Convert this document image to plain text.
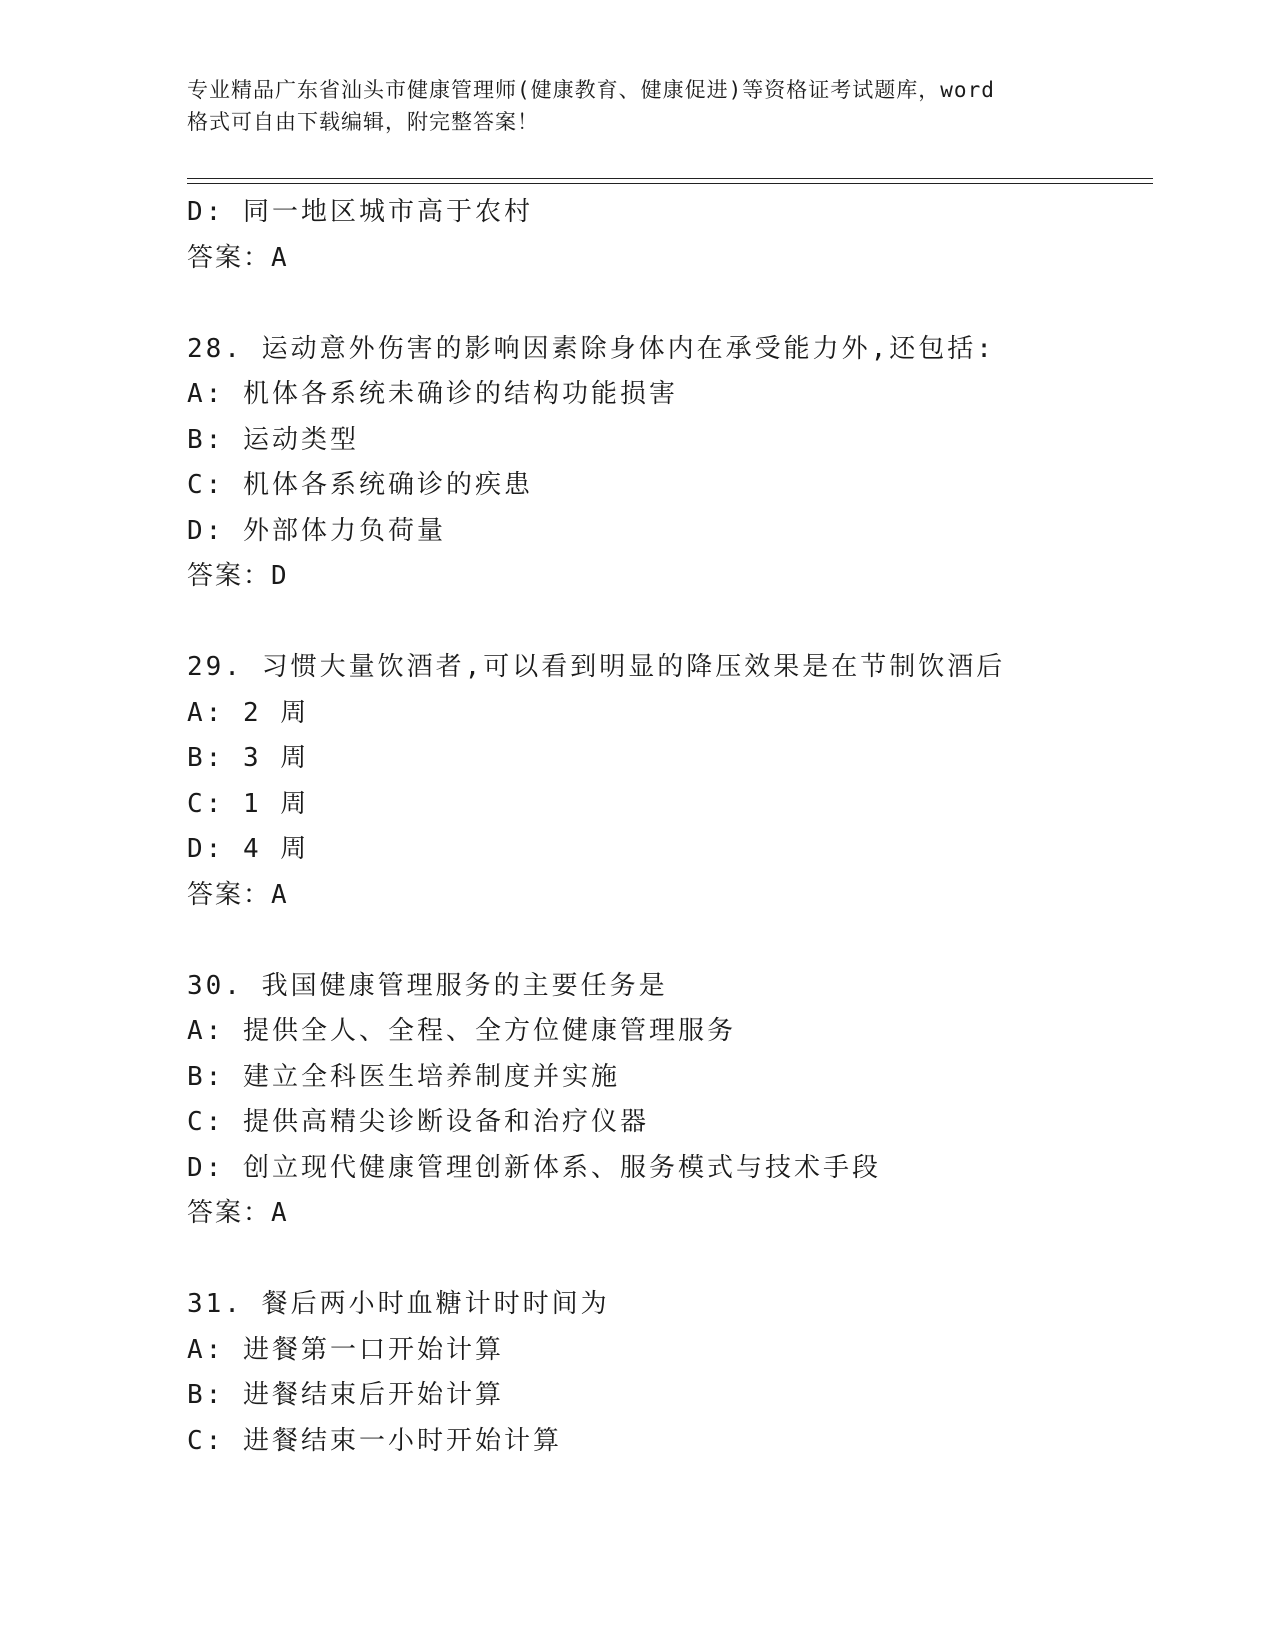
专业精品广东省汕头市健康管理师(健康教育、健康促进)等资格证考试题库，word
格式可自由下载编辑，附完整答案！
D: 同一地区城市高于农村
答案：A
28. 运动意外伤害的影响因素除身体内在承受能力外,还包括:
A: 机体各系统未确诊的结构功能损害
B: 运动类型
C: 机体各系统确诊的疾患
D: 外部体力负荷量
答案：D
29. 习惯大量饮酒者,可以看到明显的降压效果是在节制饮酒后
A: 2 周
B: 3 周
C: 1 周
D: 4 周
答案：A
30. 我国健康管理服务的主要任务是
A: 提供全人、全程、全方位健康管理服务
B: 建立全科医生培养制度并实施
C: 提供高精尖诊断设备和治疗仪器
D: 创立现代健康管理创新体系、服务模式与技术手段
答案：A
31. 餐后两小时血糖计时时间为
A: 进餐第一口开始计算
B: 进餐结束后开始计算
C: 进餐结束一小时开始计算
